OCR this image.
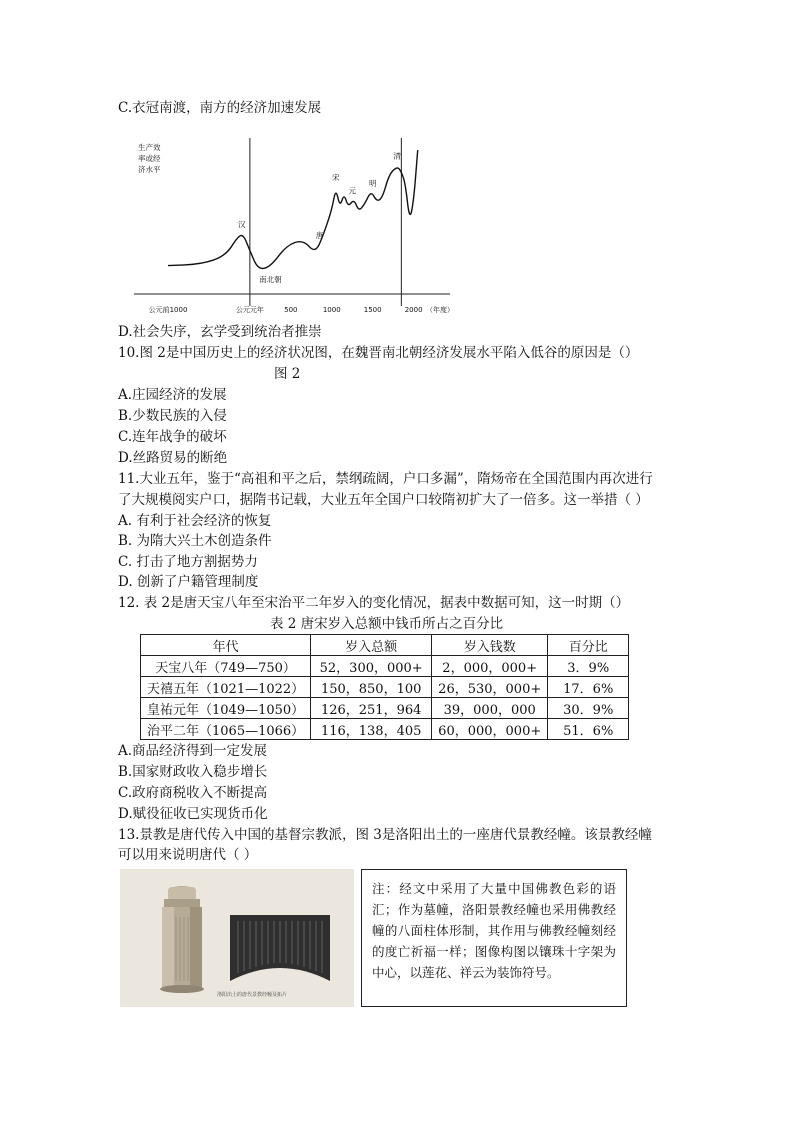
C.衣冠南渡，南方的经济加速发展
生产效
率或经
济水平
公元前1000	公元元年	500	1000	1500	2000 （年度）
汉
南北朝
唐
宋
元
明
清
D.社会失序，玄学受到统治者推崇
10.图 2是中国历史上的经济状况图，在魏晋南北朝经济发展水平陷入低谷的原因是（）
图 2
A.庄园经济的发展
B.少数民族的入侵
C.连年战争的破坏
D.丝路贸易的断绝
11.大业五年，鉴于“高祖和平之后，禁纲疏阔，户口多漏”，隋炀帝在全国范围内再次进行
了大规模阅实户口，据隋书记载，大业五年全国户口较隋初扩大了一倍多。这一举措（ ）
A. 有利于社会经济的恢复
B. 为隋大兴土木创造条件
C. 打击了地方割据势力
D. 创新了户籍管理制度
12. 表 2是唐天宝八年至宋治平二年岁入的变化情况，据表中数据可知，这一时期（）
表 2 唐宋岁入总额中钱币所占之百分比
年代	岁入总额	岁入钱数	百分比
天宝八年（749—750）	52，300，000+	2，000，000+	3．9%
天禧五年（1021—1022）	150，850，100	26，530，000+	17．6%
皇祐元年（1049—1050）	126，251，964	39，000，000	30．9%
治平二年（1065—1066）	116，138，405	60，000，000+	51．6%
A.商品经济得到一定发展
B.国家财政收入稳步增长
C.政府商税收入不断提高
D.赋役征收已实现货币化
13.景教是唐代传入中国的基督宗教派，图 3是洛阳出土的一座唐代景教经幢。该景教经幢
可以用来说明唐代（ ）
洛阳出土的唐代景教经幢及拓片
注：经文中采用了大量中国佛教色彩的语汇；作为墓幢，洛阳景教经幢也采用佛教经幢的八面柱体形制，其作用与佛教经幢刻经的度亡祈福一样；图像构图以镶珠十字架为中心，以莲花、祥云为装饰符号。
